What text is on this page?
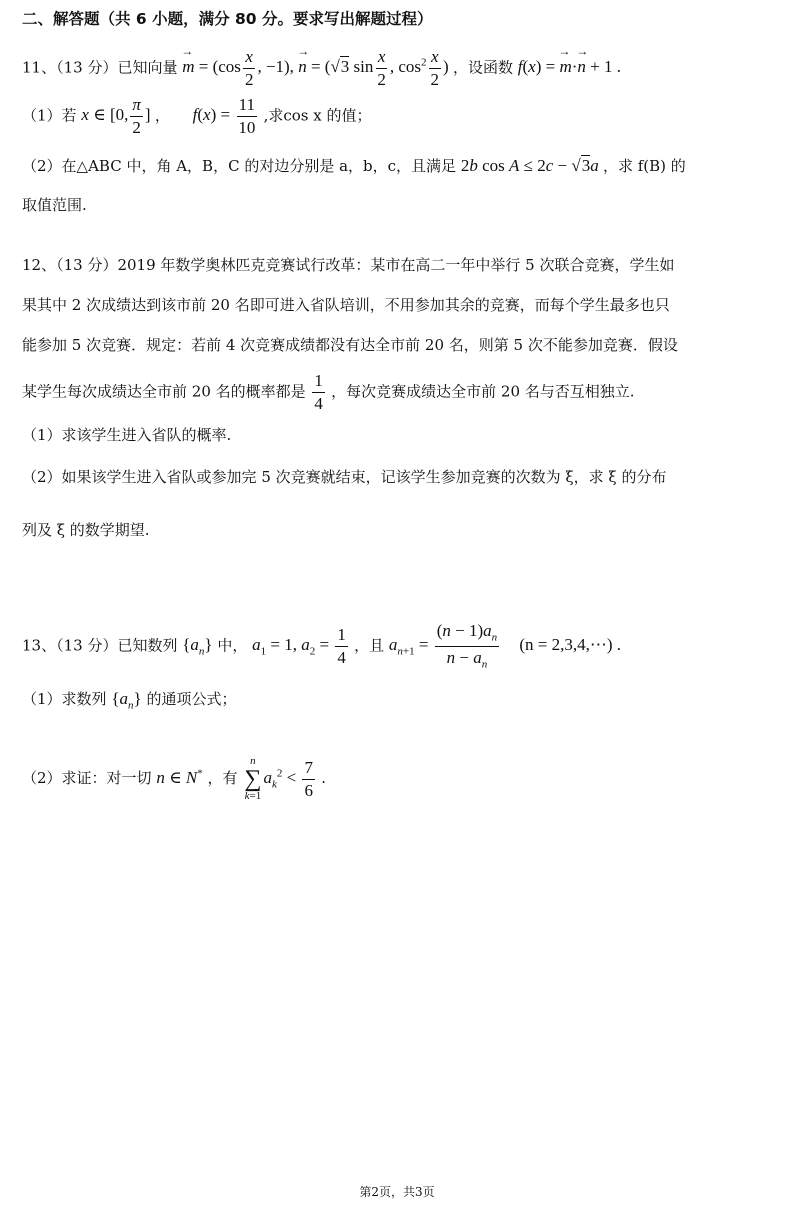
二、解答题（共 6 小题，满分 80 分。要求写出解题过程）
11、（13 分）已知向量 → $m = (\cos \frac{x}{2}$ , −1), → n = (√3 $\sin \frac{x}{2}$ , $\cos^2 \frac{x}{2}$ ) ，设函数 f(x) = → m·→ n + 1 .
（1）若 x ∈ [0, $\frac{\pi}{2}$ ] ， $f(x) = \frac{11}{10}$ ,求cos x 的值；
（2）在△ABC 中，角 A，B，C 的对边分别是 a，b，c，且满足 2b cos A ≤ 2c − √3a ，求 f(B) 的
取值范围.
12、（13 分）2019 年数学奥林匹克竞赛试行改革：某市在高二一年中举行 5 次联合竞赛，学生如
果其中 2 次成绩达到该市前 20 名即可进入省队培训，不用参加其余的竞赛，而每个学生最多也只
能参加 5 次竞赛．规定：若前 4 次竞赛成绩都没有达全市前 20 名，则第 5 次不能参加竞赛．假设
某学生每次成绩达全市前 20 名的概率都是 $\frac{1}{4}$ ，每次竞赛成绩达全市前 20 名与否互相独立.
（1）求该学生进入省队的概率.
（2）如果该学生进入省队或参加完 5 次竞赛就结束，记该学生参加竞赛的次数为 ξ，求 ξ 的分布
列及 ξ 的数学期望.
13、（13 分）已知数列 $\{a_n\}$ 中， $a_1 = 1$, $a_2 = \frac{1}{4}$ ，且 $a_{n+1} = \frac{(n - 1)a_n}{n - a_n} (n$ = 2,3,4,⋯) .
（1）求数列 $\{a_n\}$ 的通项公式；
（2）求证：对一切 n ∈ N* ，有
n
∑
k=1
$a_k^2 < \frac{7}{6}$ .
第2页，共3页
